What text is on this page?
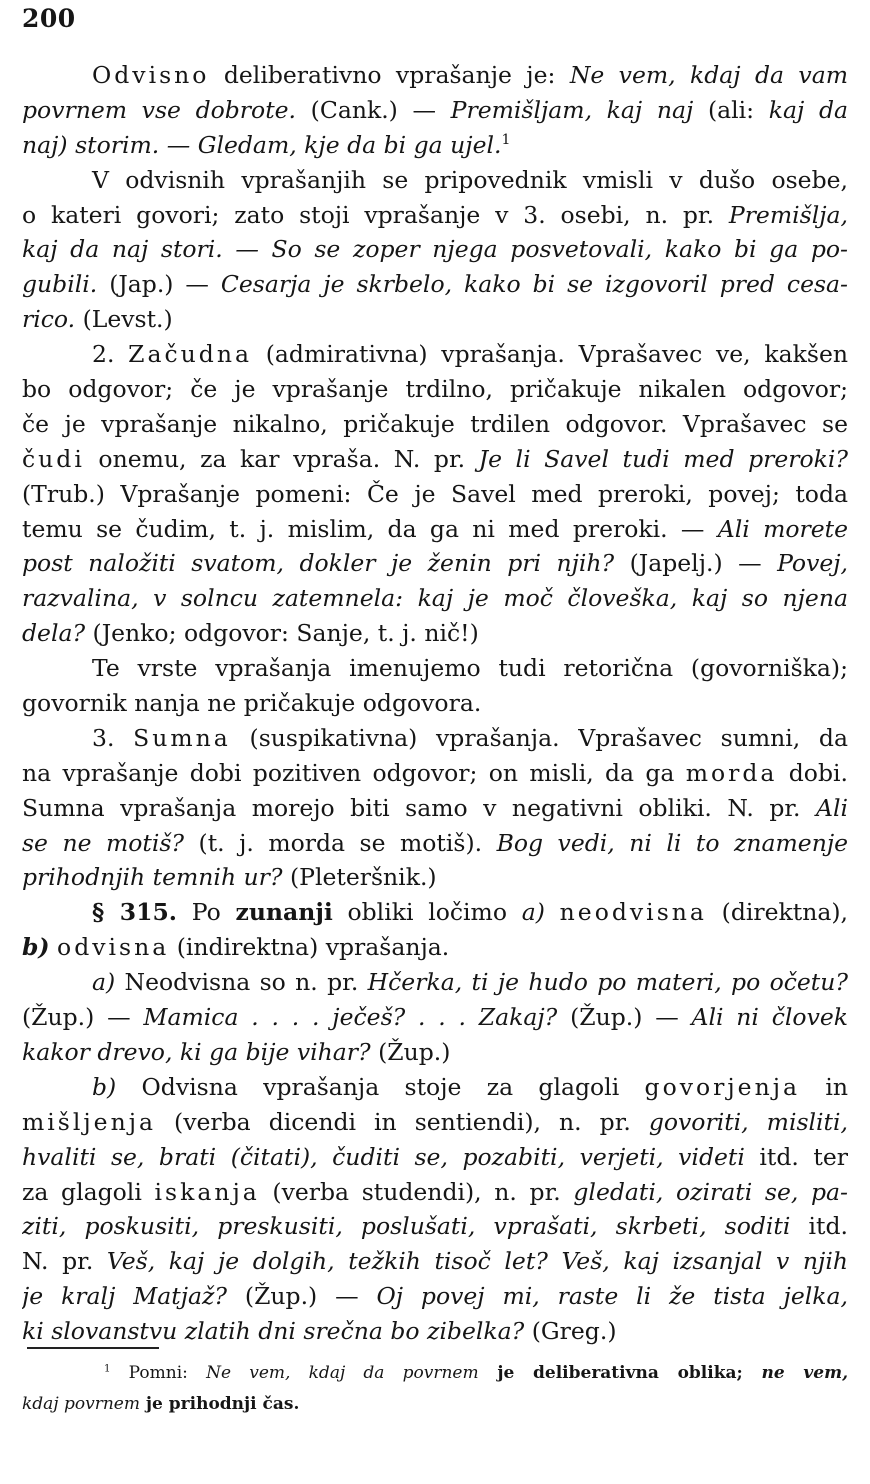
200
Odvisno deliberativno vprašanje je: Ne vem, kdaj da vam
povrnem vse dobrote. (Cank.) — Premišljam, kaj naj (ali: kaj da
naj) storim. — Gledam, kje da bi ga ujel.$^1$
V odvisnih vprašanjih se pripovednik vmisli v dušo osebe,
o kateri govori; zato stoji vprašanje v 3. osebi, n. pr. Premišlja,
kaj da naj stori. — So se zoper njega posvetovali, kako bi ga po-
gubili. (Jap.) — Cesarja je skrbelo, kako bi se izgovoril pred cesa-
rico. (Levst.)
2. Začudna (admirativna) vprašanja. Vprašavec ve, kakšen
bo odgovor; če je vprašanje trdilno, pričakuje nikalen odgovor;
če je vprašanje nikalno, pričakuje trdilen odgovor. Vprašavec se
čudi onemu, za kar vpraša. N. pr. Je li Savel tudi med preroki?
(Trub.) Vprašanje pomeni: Če je Savel med preroki, povej; toda
temu se čudim, t. j. mislim, da ga ni med preroki. — Ali morete
post naložiti svatom, dokler je ženin pri njih? (Japelj.) — Povej,
razvalina, v solncu zatemnela: kaj je moč človeška, kaj so njena
dela? (Jenko; odgovor: Sanje, t. j. nič!)
Te vrste vprašanja imenujemo tudi retorična (govorniška);
govornik nanja ne pričakuje odgovora.
3. Sumna (suspikativna) vprašanja. Vprašavec sumni, da
na vprašanje dobi pozitiven odgovor; on misli, da ga morda dobi.
Sumna vprašanja morejo biti samo v negativni obliki. N. pr. Ali
se ne motiš? (t. j. morda se motiš). Bog vedi, ni li to znamenje
prihodnjih temnih ur? (Pleteršnik.)
§ 315. Po zunanji obliki ločimo a) neodvisna (direktna),
b) odvisna (indirektna) vprašanja.
a) Neodvisna so n. pr. Hčerka, ti je hudo po materi, po očetu?
(Žup.) — Mamica . . . . ječeš? . . . Zakaj? (Žup.) — Ali ni človek
kakor drevo, ki ga bije vihar? (Žup.)
b) Odvisna vprašanja stoje za glagoli govorjenja in
mišljenja (verba dicendi in sentiendi), n. pr. govoriti, misliti,
hvaliti se, brati (čitati), čuditi se, pozabiti, verjeti, videti itd. ter
za glagoli iskanja (verba studendi), n. pr. gledati, ozirati se, pa-
ziti, poskusiti, preskusiti, poslušati, vprašati, skrbeti, soditi itd.
N. pr. Veš, kaj je dolgih, težkih tisoč let? Veš, kaj izsanjal v njih
je kralj Matjaž? (Žup.) — Oj povej mi, raste li že tista jelka,
ki slovanstvu zlatih dni srečna bo zibelka? (Greg.)
$^1$ Pomni: Ne vem, kdaj da povrnem je deliberativna oblika; ne vem,
kdaj povrnem je prihodnji čas.
